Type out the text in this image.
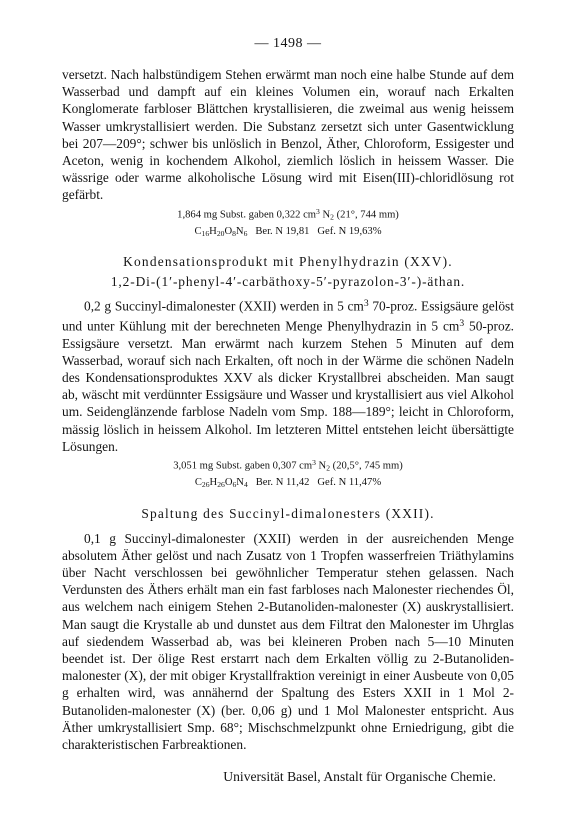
— 1498 —

versetzt. Nach halbstündigem Stehen erwärmt man noch eine halbe Stunde auf dem Wasserbad und dampft auf ein kleines Volumen ein, worauf nach Erkalten Konglomerate farbloser Blättchen krystallisieren, die zweimal aus wenig heissem Wasser umkrystallisiert werden. Die Substanz zersetzt sich unter Gasentwicklung bei 207—209°; schwer bis unlöslich in Benzol, Äther, Chloroform, Essigester und Aceton, wenig in kochendem Alkohol, ziemlich löslich in heissem Wasser. Die wässrige oder warme alkoholische Lösung wird mit Eisen(III)-chloridlösung rot gefärbt.

1,864 mg Subst. gaben 0,322 $cm^3$ $N_2$ (21°, 744 mm)
$C_{16}H_{20}O_8N_6$   Ber. N 19,81   Gef. N 19,63%
Kondensationsprodukt mit Phenylhydrazin (XXV).
1,2-Di-(1′-phenyl-4′-carbäthoxy-5′-pyrazolon-3′-)-äthan.

0,2 g Succinyl-dimalonester (XXII) werden in 5 $cm^3$ 70-proz. Essigsäure gelöst und unter Kühlung mit der berechneten Menge Phenylhydrazin in 5 $cm^3$ 50-proz. Essigsäure versetzt. Man erwärmt nach kurzem Stehen 5 Minuten auf dem Wasserbad, worauf sich nach Erkalten, oft noch in der Wärme die schönen Nadeln des Kondensationsproduktes XXV als dicker Krystallbrei abscheiden. Man saugt ab, wäscht mit verdünnter Essigsäure und Wasser und krystallisiert aus viel Alkohol um. Seidenglänzende farblose Nadeln vom Smp. 188—189°; leicht in Chloroform, mässig löslich in heissem Alkohol. Im letzteren Mittel entstehen leicht übersättigte Lösungen.

3,051 mg Subst. gaben 0,307 $cm^3$ $N_2$ (20,5°, 745 mm)
$C_{26}H_{26}O_6N_4$   Ber. N 11,42   Gef. N 11,47%
Spaltung des Succinyl-dimalonesters (XXII).

0,1 g Succinyl-dimalonester (XXII) werden in der ausreichenden Menge absolutem Äther gelöst und nach Zusatz von 1 Tropfen wasserfreien Triäthylamins über Nacht verschlossen bei gewöhnlicher Temperatur stehen gelassen. Nach Verdunsten des Äthers erhält man ein fast farbloses nach Malonester riechendes Öl, aus welchem nach einigem Stehen 2-Butanoliden-malonester (X) auskrystallisiert. Man saugt die Krystalle ab und dunstet aus dem Filtrat den Malonester im Uhrglas auf siedendem Wasserbad ab, was bei kleineren Proben nach 5—10 Minuten beendet ist. Der ölige Rest erstarrt nach dem Erkalten völlig zu 2-Butanoliden-malonester (X), der mit obiger Krystallfraktion vereinigt in einer Ausbeute von 0,05 g erhalten wird, was annähernd der Spaltung des Esters XXII in 1 Mol 2-Butanoliden-malonester (X) (ber. 0,06 g) und 1 Mol Malonester entspricht. Aus Äther umkrystallisiert Smp. 68°; Mischschmelzpunkt ohne Erniedrigung, gibt die charakteristischen Farbreaktionen.

Universität Basel, Anstalt für Organische Chemie.
